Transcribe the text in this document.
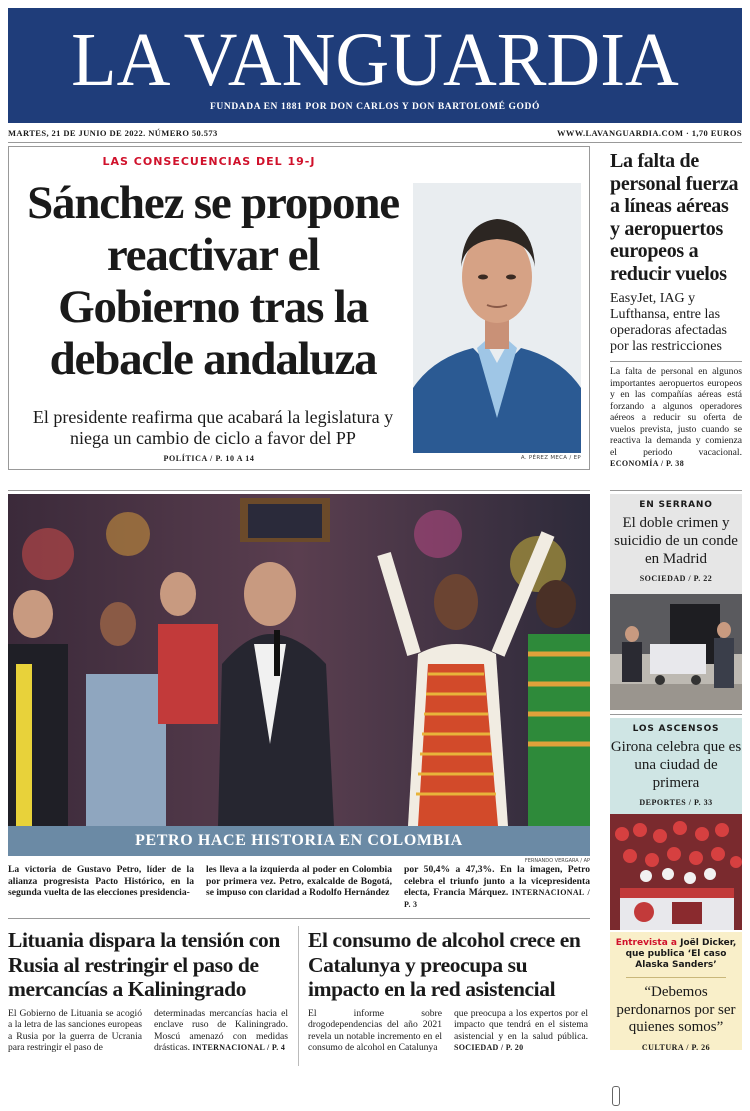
LA VANGUARDIA
FUNDADA EN 1881 POR DON CARLOS Y DON BARTOLOMÉ GODÓ
MARTES, 21 DE JUNIO DE 2022. NÚMERO 50.573	WWW.LAVANGUARDIA.COM · 1,70 EUROS
LAS CONSECUENCIAS DEL 19-J
Sánchez se propone reactivar el Gobierno tras la debacle andaluza
El presidente reafirma que acabará la legislatura y niega un cambio de ciclo a favor del PP
POLÍTICA / P. 10 A 14	A. PÉREZ MECA / EP
La falta de personal fuerza a líneas aéreas y aeropuertos europeos a reducir vuelos
EasyJet, IAG y Lufthansa, entre las operadoras afectadas por las restricciones
La falta de personal en algunos importantes aeropuertos europeos y en las compañías aéreas está forzando a algunos operadores aéreos a reducir su oferta de vuelos prevista, justo cuando se reactiva la demanda y comienza el periodo vacacional. ECONOMÍA / P. 38
PETRO HACE HISTORIA EN COLOMBIA
FERNANDO VERGARA / AP
La victoria de Gustavo Petro, líder de la alianza progresista Pacto Histórico, en la segunda vuelta de las elecciones presidencia-
les lleva a la izquierda al poder en Colombia por primera vez. Petro, exalcalde de Bogotá, se impuso con claridad a Rodolfo Hernández
por 50,4% a 47,3%. En la imagen, Petro celebra el triunfo junto a la vicepresidenta electa, Francia Márquez. INTERNACIONAL / P. 3
Lituania dispara la tensión con Rusia al restringir el paso de mercancías a Kaliningrado
El Gobierno de Lituania se acogió a la letra de las sanciones europeas a Rusia por la guerra de Ucrania para restringir el paso de
determinadas mercancías hacia el enclave ruso de Kaliningrado. Moscú amenazó con medidas drásticas. INTERNACIONAL / P. 4
El consumo de alcohol crece en Catalunya y preocupa su impacto en la red asistencial
El informe sobre drogodependencias del año 2021 revela un notable incremento en el consumo de alcohol en Catalunya
que preocupa a los expertos por el impacto que tendrá en el sistema asistencial y en la salud pública. SOCIEDAD / P. 20
EN SERRANO
El doble crimen y suicidio de un conde en Madrid
SOCIEDAD / P. 22
LOS ASCENSOS
Girona celebra que es una ciudad de primera
DEPORTES / P. 33
Entrevista a Joël Dicker, que publica ‘El caso Alaska Sanders’
“Debemos perdonarnos por ser quienes somos”
CULTURA / P. 26
